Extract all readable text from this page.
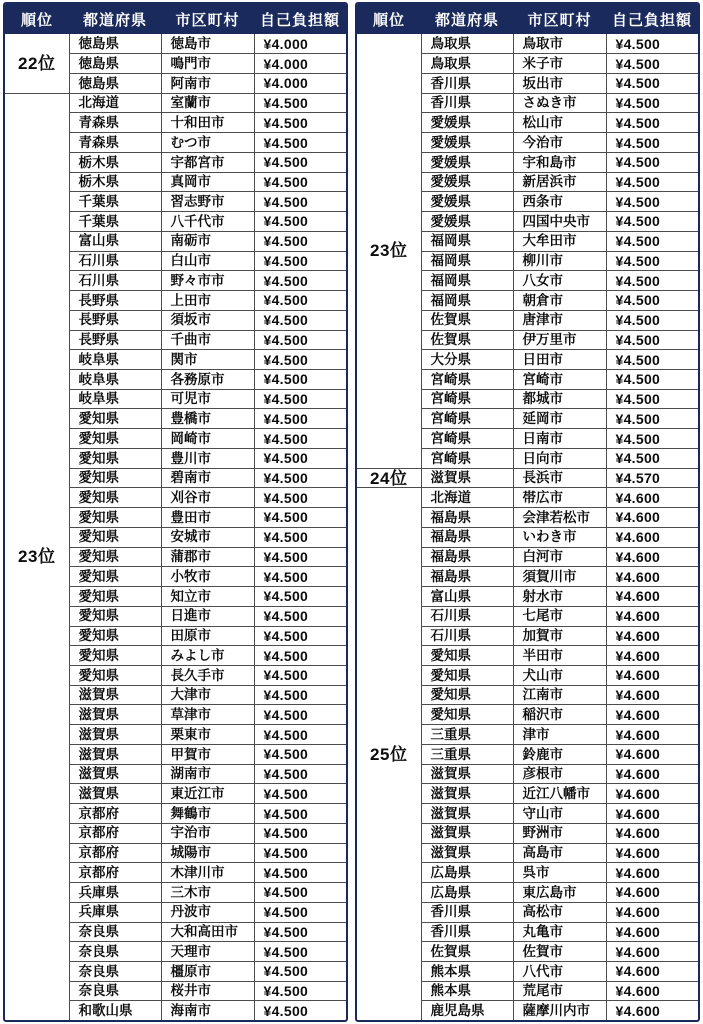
順位	都道府県	市区町村	自己負担額
22位	徳島県	徳島市	¥4.000
	徳島県	鳴門市	¥4.000
	徳島県	阿南市	¥4.000
23位	北海道	室蘭市	¥4.500
	青森県	十和田市	¥4.500
	青森県	むつ市	¥4.500
	栃木県	宇都宮市	¥4.500
	栃木県	真岡市	¥4.500
	千葉県	習志野市	¥4.500
	千葉県	八千代市	¥4.500
	富山県	南砺市	¥4.500
	石川県	白山市	¥4.500
	石川県	野々市市	¥4.500
	長野県	上田市	¥4.500
	長野県	須坂市	¥4.500
	長野県	千曲市	¥4.500
	岐阜県	関市	¥4.500
	岐阜県	各務原市	¥4.500
	岐阜県	可児市	¥4.500
	愛知県	豊橋市	¥4.500
	愛知県	岡崎市	¥4.500
	愛知県	豊川市	¥4.500
	愛知県	碧南市	¥4.500
	愛知県	刈谷市	¥4.500
	愛知県	豊田市	¥4.500
	愛知県	安城市	¥4.500
	愛知県	蒲郡市	¥4.500
	愛知県	小牧市	¥4.500
	愛知県	知立市	¥4.500
	愛知県	日進市	¥4.500
	愛知県	田原市	¥4.500
	愛知県	みよし市	¥4.500
	愛知県	長久手市	¥4.500
	滋賀県	大津市	¥4.500
	滋賀県	草津市	¥4.500
	滋賀県	栗東市	¥4.500
	滋賀県	甲賀市	¥4.500
	滋賀県	湖南市	¥4.500
	滋賀県	東近江市	¥4.500
	京都府	舞鶴市	¥4.500
	京都府	宇治市	¥4.500
	京都府	城陽市	¥4.500
	京都府	木津川市	¥4.500
	兵庫県	三木市	¥4.500
	兵庫県	丹波市	¥4.500
	奈良県	大和高田市	¥4.500
	奈良県	天理市	¥4.500
	奈良県	橿原市	¥4.500
	奈良県	桜井市	¥4.500
	和歌山県	海南市	¥4.500
順位	都道府県	市区町村	自己負担額
23位	鳥取県	鳥取市	¥4.500
	鳥取県	米子市	¥4.500
	香川県	坂出市	¥4.500
	香川県	さぬき市	¥4.500
	愛媛県	松山市	¥4.500
	愛媛県	今治市	¥4.500
	愛媛県	宇和島市	¥4.500
	愛媛県	新居浜市	¥4.500
	愛媛県	西条市	¥4.500
	愛媛県	四国中央市	¥4.500
	福岡県	大牟田市	¥4.500
	福岡県	柳川市	¥4.500
	福岡県	八女市	¥4.500
	福岡県	朝倉市	¥4.500
	佐賀県	唐津市	¥4.500
	佐賀県	伊万里市	¥4.500
	大分県	日田市	¥4.500
	宮崎県	宮崎市	¥4.500
	宮崎県	都城市	¥4.500
	宮崎県	延岡市	¥4.500
	宮崎県	日南市	¥4.500
	宮崎県	日向市	¥4.500
24位	滋賀県	長浜市	¥4.570
25位	北海道	帯広市	¥4.600
	福島県	会津若松市	¥4.600
	福島県	いわき市	¥4.600
	福島県	白河市	¥4.600
	福島県	須賀川市	¥4.600
	富山県	射水市	¥4.600
	石川県	七尾市	¥4.600
	石川県	加賀市	¥4.600
	愛知県	半田市	¥4.600
	愛知県	犬山市	¥4.600
	愛知県	江南市	¥4.600
	愛知県	稲沢市	¥4.600
	三重県	津市	¥4.600
	三重県	鈴鹿市	¥4.600
	滋賀県	彦根市	¥4.600
	滋賀県	近江八幡市	¥4.600
	滋賀県	守山市	¥4.600
	滋賀県	野洲市	¥4.600
	滋賀県	高島市	¥4.600
	広島県	呉市	¥4.600
	広島県	東広島市	¥4.600
	香川県	高松市	¥4.600
	香川県	丸亀市	¥4.600
	佐賀県	佐賀市	¥4.600
	熊本県	八代市	¥4.600
	熊本県	荒尾市	¥4.600
	鹿児島県	薩摩川内市	¥4.600
